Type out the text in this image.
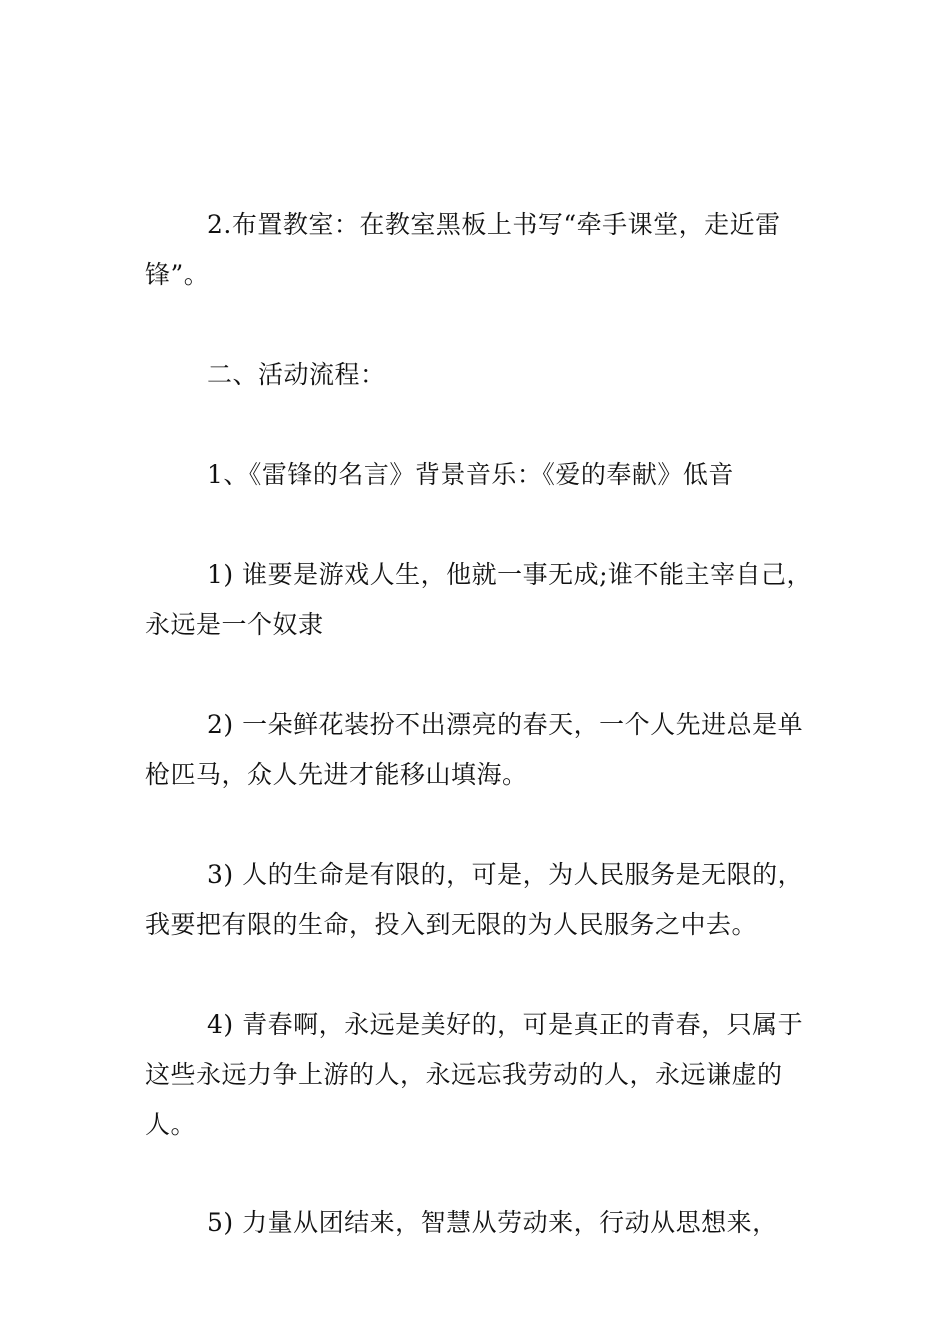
2.布置教室：在教室黑板上书写“牵手课堂，走近雷锋”。

二、活动流程：

1、《雷锋的名言》背景音乐：《爱的奉献》低音

1) 谁要是游戏人生，他就一事无成;谁不能主宰自己，永远是一个奴隶

2) 一朵鲜花装扮不出漂亮的春天，一个人先进总是单枪匹马，众人先进才能移山填海。

3) 人的生命是有限的，可是，为人民服务是无限的，我要把有限的生命，投入到无限的为人民服务之中去。

4) 青春啊，永远是美好的，可是真正的青春，只属于这些永远力争上游的人，永远忘我劳动的人，永远谦虚的人。

5) 力量从团结来，智慧从劳动来，行动从思想来，
